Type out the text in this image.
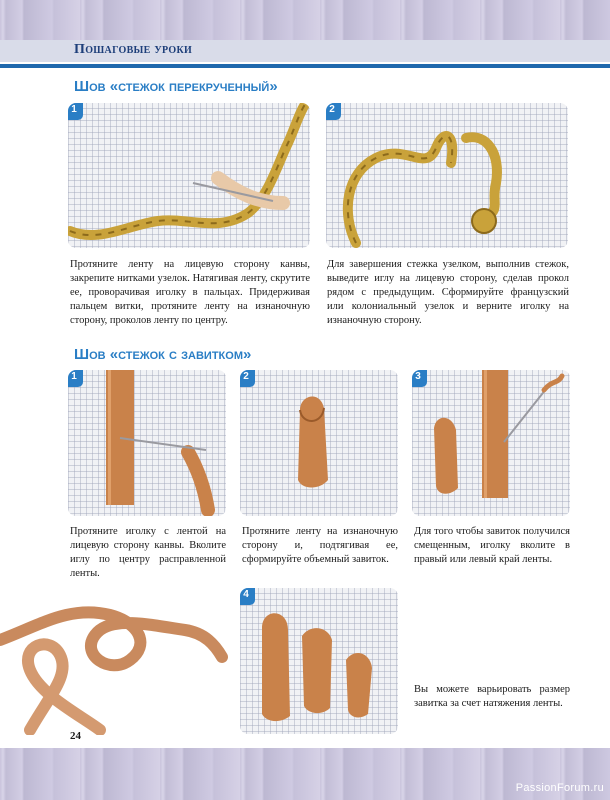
Пошаговые уроки
Шов «стежок перекрученный»
1	2

Протяните ленту на лицевую сторону канвы, закрепите нитками узелок. Натягивая ленту, скрутите ее, проворачивая иголку в пальцах. Придерживая пальцем витки, протяните ленту на изнаночную сторону, проколов ленту по центру.

Для завершения стежка узелком, выполнив стежок, выведите иглу на лицевую сторону, сделав прокол рядом с предыдущим. Сформируйте французский или колониальный узелок и верните иголку на изнаночную сторону.

Шов «стежок с завитком»
1	2	3

Протяните иголку с лентой на лицевую сторону канвы. Вколите иглу по центру расправленной ленты.

Протяните ленту на изнаночную сторону и, подтягивая ее, сформируйте объемный завиток.

Для того чтобы завиток получился смещенным, иголку вколите в правый или левый край ленты.

4

Вы можете варьировать размер завитка за счет натяжения ленты.

24
PassionForum.ru
